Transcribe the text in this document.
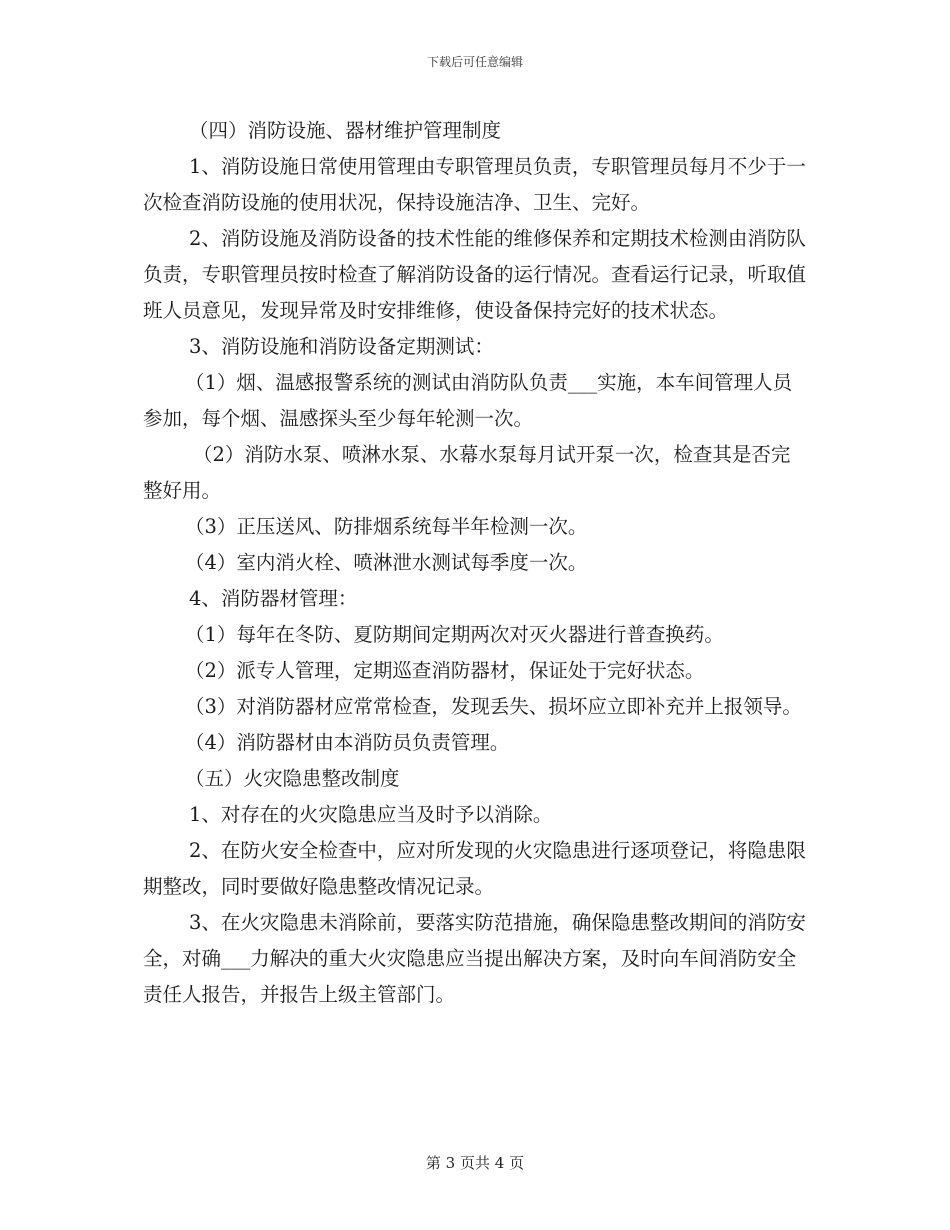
下载后可任意编辑

（四）消防设施、器材维护管理制度

1、消防设施日常使用管理由专职管理员负责，专职管理员每月不少于一次检查消防设施的使用状况，保持设施洁净、卫生、完好。

2、消防设施及消防设备的技术性能的维修保养和定期技术检测由消防队负责，专职管理员按时检查了解消防设备的运行情况。查看运行记录，听取值班人员意见，发现异常及时安排维修，使设备保持完好的技术状态。

3、消防设施和消防设备定期测试：

（1）烟、温感报警系统的测试由消防队负责___实施，本车间管理人员参加，每个烟、温感探头至少每年轮测一次。

（2）消防水泵、喷淋水泵、水幕水泵每月试开泵一次，检查其是否完整好用。

（3）正压送风、防排烟系统每半年检测一次。

（4）室内消火栓、喷淋泄水测试每季度一次。

4、消防器材管理：

（1）每年在冬防、夏防期间定期两次对灭火器进行普查换药。

（2）派专人管理，定期巡查消防器材，保证处于完好状态。

（3）对消防器材应常常检查，发现丢失、损坏应立即补充并上报领导。

（4）消防器材由本消防员负责管理。

（五）火灾隐患整改制度

1、对存在的火灾隐患应当及时予以消除。

2、在防火安全检查中，应对所发现的火灾隐患进行逐项登记，将隐患限期整改，同时要做好隐患整改情况记录。

3、在火灾隐患未消除前，要落实防范措施，确保隐患整改期间的消防安全，对确___力解决的重大火灾隐患应当提出解决方案，及时向车间消防安全责任人报告，并报告上级主管部门。

第 3 页共 4 页
